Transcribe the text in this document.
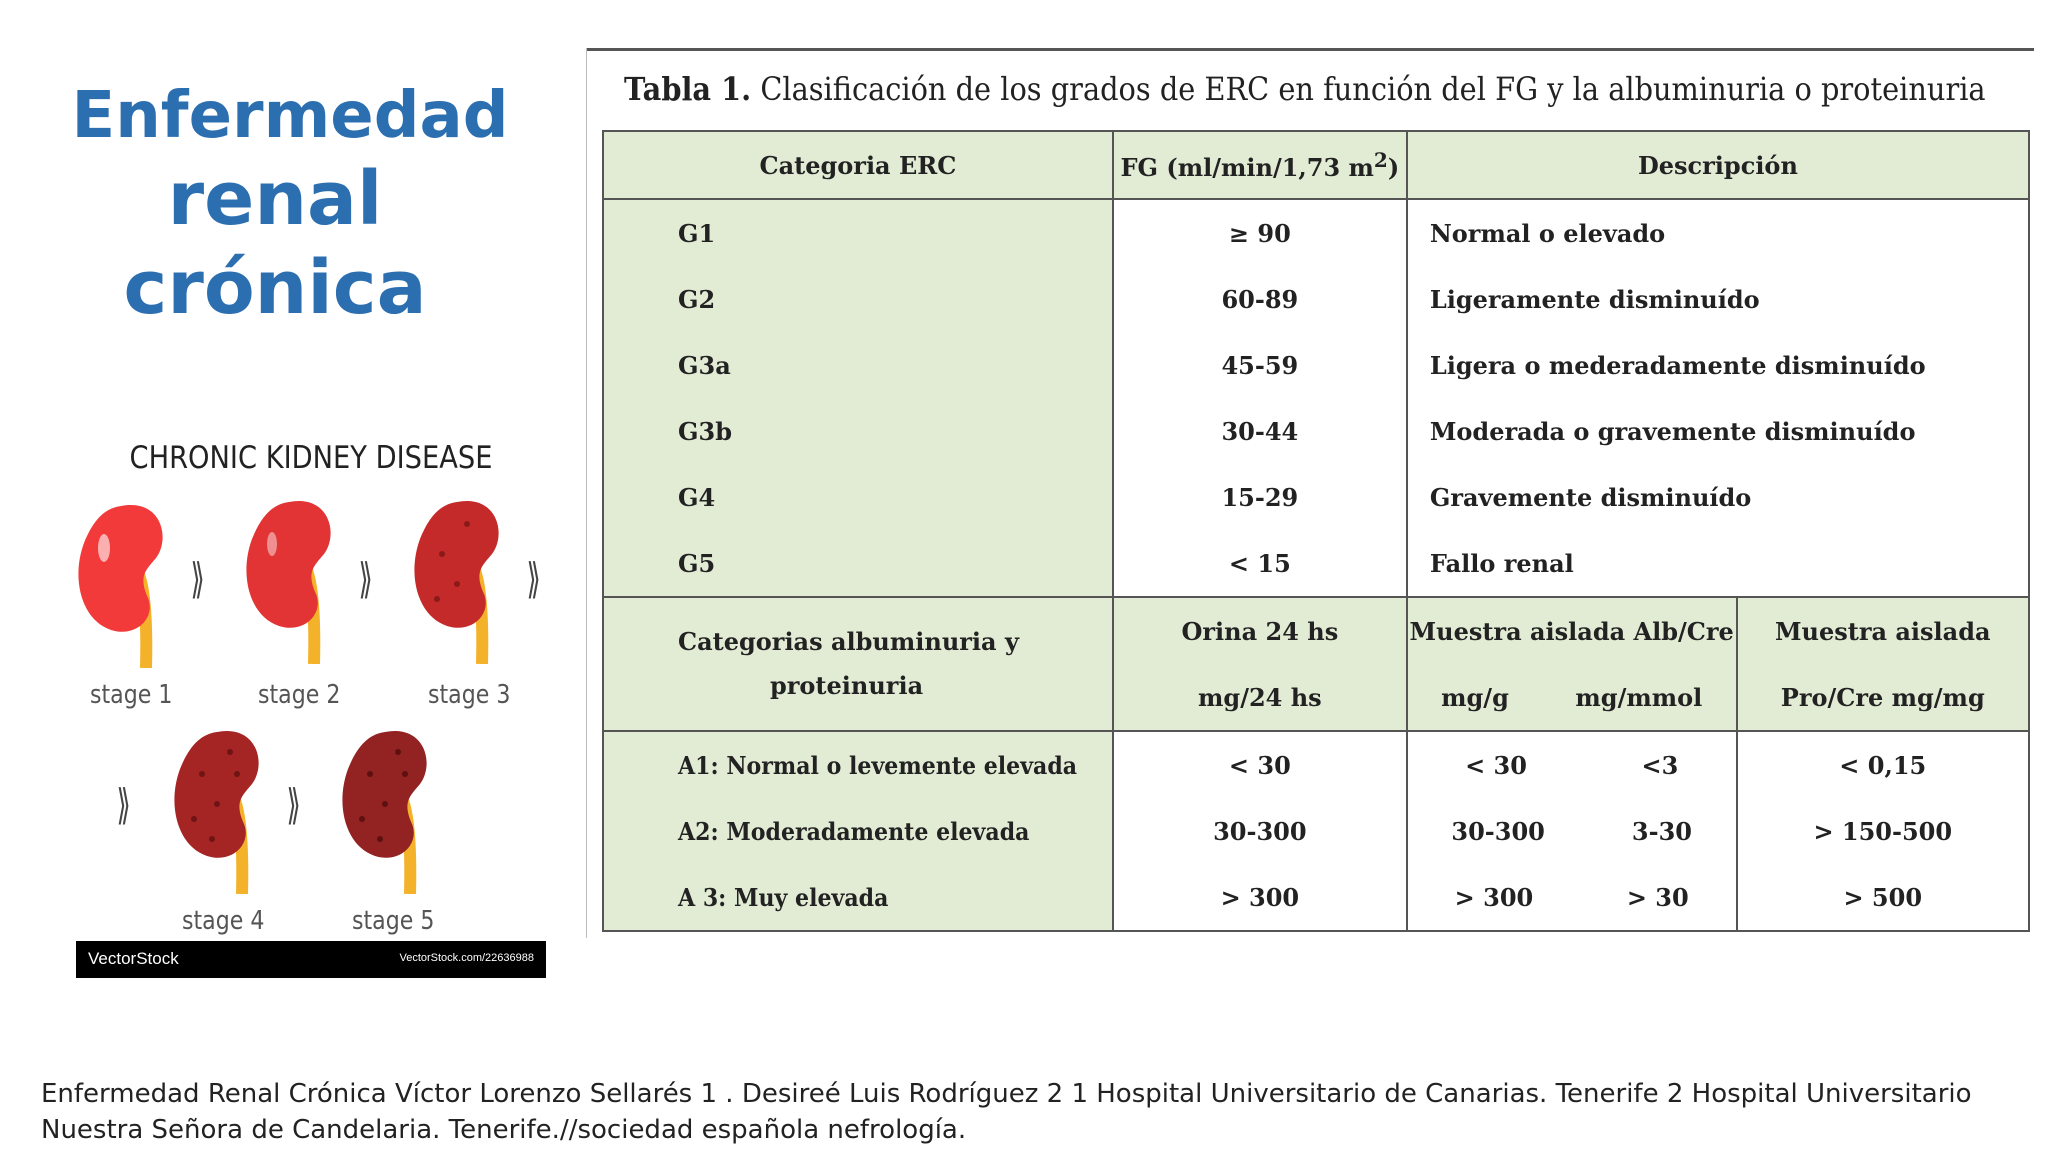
Enfermedad
renal crónica
CHRONIC KIDNEY DISEASE
⟫	⟫	⟫
stage 1	stage 2	stage 3
⟫	⟫
stage 4	stage 5
VectorStock	VectorStock.com/22636988
Tabla 1. Clasificación de los grados de ERC en función del FG y la albuminuria o proteinuria
Categoria ERC	FG (ml/min/1,73 $m^2$)	Descripción	
G1	≥ 90	Normal o elevado	
G2	60-89	Ligeramente disminuído	
G3a	45-59	Ligera o mederadamente disminuído	
G3b	30-44	Moderada o gravemente disminuído	
G4	15-29	Gravemente disminuído	
G5	< 15	Fallo renal	

Categorias albuminuria y
proteinuria	Orina 24 hs	Muestra aislada Alb/Cre	Muestra aislada
	mg/24 hs	mg/g mg/mmol	Pro/Cre mg/mg
A1: Normal o levemente elevada	< 30	< 30 <3	< 0,15
A2: Moderadamente elevada	30-300	30-300 3-30	> 150-500
A 3: Muy elevada	> 300	> 300 > 30	> 500
Enfermedad Renal Crónica Víctor Lorenzo Sellarés 1 . Desireé Luis Rodríguez 2 1 Hospital Universitario de Canarias. Tenerife 2 Hospital Universitario Nuestra Señora de Candelaria. Tenerife.//sociedad española nefrología.
